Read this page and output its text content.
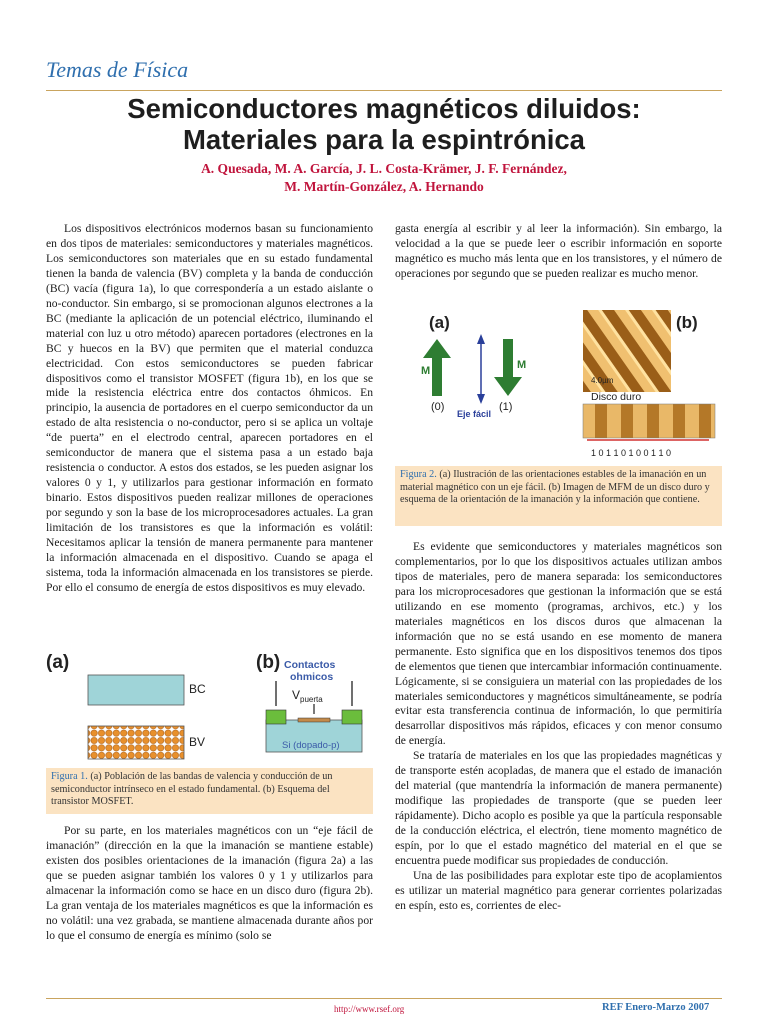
Temas de Física
Semiconductores magnéticos diluidos:
Materiales para la espintrónica
A. Quesada, M. A. García, J. L. Costa-Krämer, J. F. Fernández,
M. Martín-González, A. Hernando

Los dispositivos electrónicos modernos basan su funcionamiento en dos tipos de materiales: semiconductores y materiales magnéticos. Los semiconductores son materiales que en su estado fundamental tienen la banda de valencia (BV) completa y la banda de conducción (BC) vacía (figura 1a), lo que correspondería a un estado aislante o no-conductor. Sin embargo, si se promocionan algunos electrones a la BC (mediante la aplicación de un potencial eléctrico, iluminando el material con luz u otro método) aparecen portadores (electrones en la BC y huecos en la BV) que permiten que el material conduzca electricidad. Con estos semiconductores se pueden fabricar dispositivos como el transistor MOSFET (figura 1b), en los que se mide la resistencia eléctrica entre dos contactos óhmicos. En principio, la ausencia de portadores en el cuerpo semiconductor da un estado de alta resistencia o no-conductor, pero si se aplica un voltaje “de puerta” en el electrodo central, aparecen portadores en el semiconductor de manera que el sistema pasa a un estado baja resistencia o conductor. A estos dos estados, se les pueden asignar los valores 0 y 1, y utilizarlos para gestionar información en formato binario. Estos dispositivos pueden realizar millones de operaciones por segundo y son la base de los microprocesadores actuales. La gran limitación de los transistores es que la información es volátil: Necesitamos aplicar la tensión de manera permanente para mantener la información almacenada en el dispositivo. Cuando se apaga el sistema, toda la información almacenada en los transistores se pierde. Por ello el consumo de energía de estos dispositivos es muy elevado.

(a)
BC
BV
(b) Contactos
ohmicos
$V_{puerta}$
Si (dopado-p)
Figura 1. (a) Población de las bandas de valencia y conducción de un semiconductor intrínseco en el estado fundamental. (b) Esquema del transistor MOSFET.

Por su parte, en los materiales magnéticos con un “eje fácil de imanación” (dirección en la que la imanación se mantiene estable) existen dos posibles orientaciones de la imanación (figura 2a) a las que se pueden asignar también los valores 0 y 1 y utilizarlos para almacenar la información como se hace en un disco duro (figura 2b). La gran ventaja de los materiales magnéticos es que la información es no volátil: una vez grabada, se mantiene almacenada durante años por lo que el consumo de energía es mínimo (solo se

gasta energía al escribir y al leer la información). Sin embargo, la velocidad a la que se puede leer o escribir información en soporte magnético es mucho más lenta que en los transistores, y el número de operaciones por segundo que se pueden realizar es mucho menor.

(a)
M	M
(0)	(1)
Eje fácil
(b)
4.0µm
Disco duro
1 0 1 1 0 1 0 0 1 1 0
Figura 2. (a) Ilustración de las orientaciones estables de la imanación en un material magnético con un eje fácil. (b) Imagen de MFM de un disco duro y esquema de la orientación de la imanación y la información que contiene.

Es evidente que semiconductores y materiales magnéticos son complementarios, por lo que los dispositivos actuales utilizan ambos tipos de materiales, pero de manera separada: los semiconductores para los microprocesadores que gestionan la información que se está utilizando en ese momento (programas, archivos, etc.) y los materiales magnéticos en los discos duros que almacenan la información que no se está usando en ese momento de manera permanente. Esto significa que en los dispositivos tenemos dos tipos de elementos que tienen que intercambiar información continuamente. Lógicamente, si se consiguiera un material con las propiedades de los materiales semiconductores y magnéticos simultáneamente, se podría evitar esta transferencia continua de información, lo que permitiría desarrollar dispositivos más rápidos, eficaces y con menor consumo de energía.

Se trataría de materiales en los que las propiedades magnéticas y de transporte estén acopladas, de manera que el estado de imanación del material (que mantendría la información de manera permanente) modifique las propiedades de transporte (que se pueden leer rápidamente). Dicho acoplo es posible ya que la partícula responsable de la conducción eléctrica, el electrón, tiene momento magnético de espín, por lo que el estado magnético del material en el que se encuentra puede modificar sus propiedades de conducción.

Una de las posibilidades para explotar este tipo de acoplamientos es utilizar un material magnético para generar corrientes polarizadas en espín, esto es, corrientes de elec-

http://www.rsef.org	REF Enero-Marzo 2007
